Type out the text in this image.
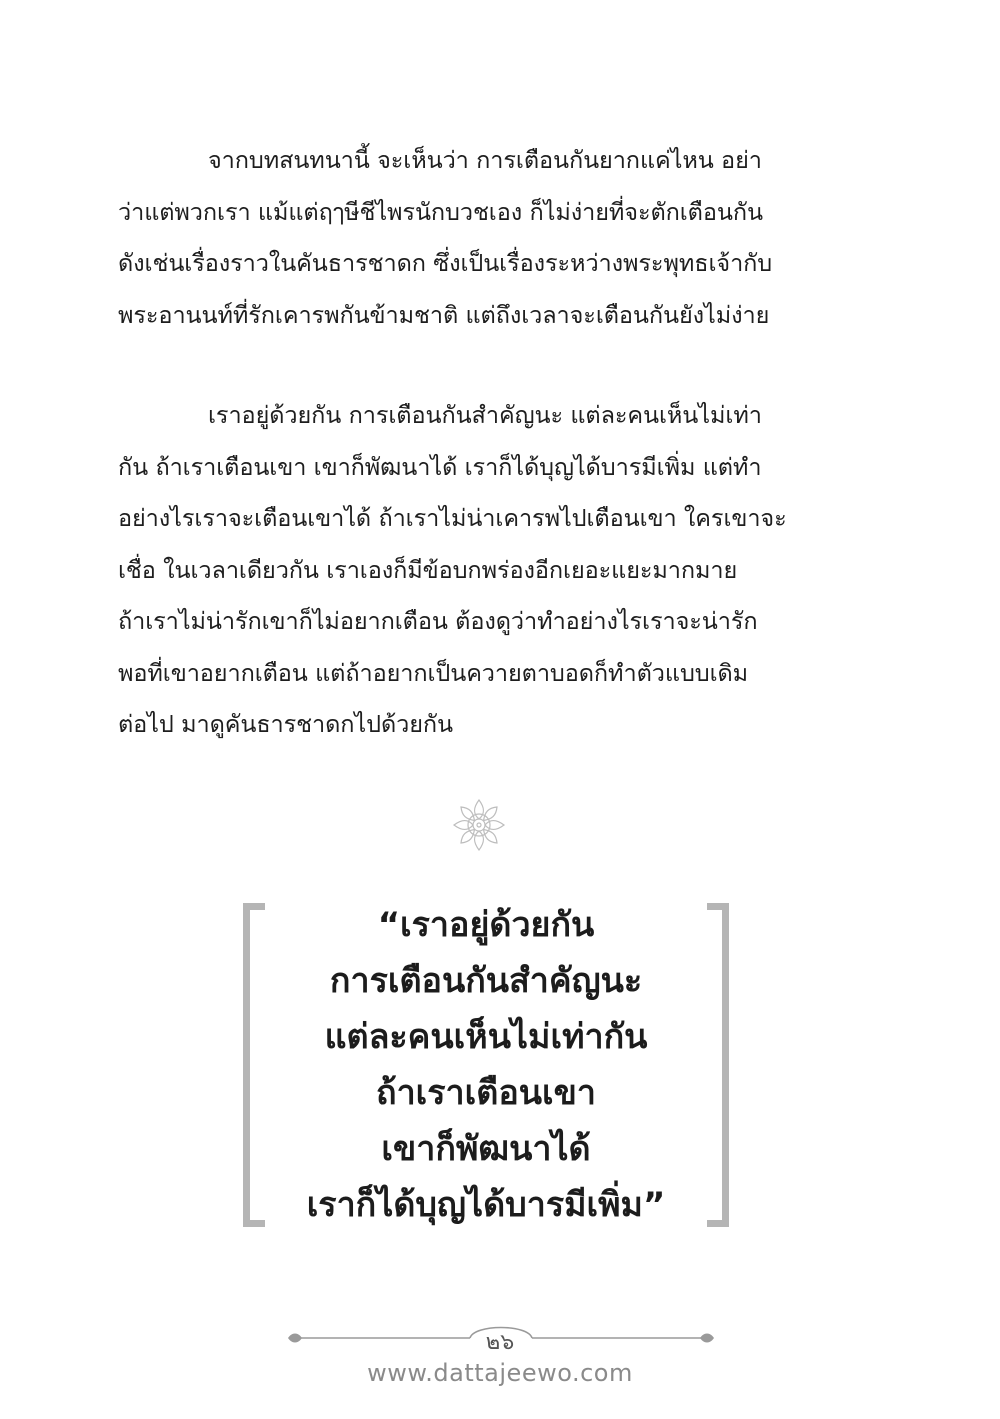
จากบทสนทนานี้ จะเห็นว่า การเตือนกันยากแค่ไหน อย่า
ว่าแต่พวกเรา แม้แต่ฤๅษีชีไพรนักบวชเอง ก็ไม่ง่ายที่จะตักเตือนกัน
ดังเช่นเรื่องราวในคันธารชาดก ซึ่งเป็นเรื่องระหว่างพระพุทธเจ้ากับ
พระอานนท์ที่รักเคารพกันข้ามชาติ แต่ถึงเวลาจะเตือนกันยังไม่ง่าย
เราอยู่ด้วยกัน การเตือนกันสำคัญนะ แต่ละคนเห็นไม่เท่า
กัน ถ้าเราเตือนเขา เขาก็พัฒนาได้ เราก็ได้บุญได้บารมีเพิ่ม แต่ทำ
อย่างไรเราจะเตือนเขาได้ ถ้าเราไม่น่าเคารพไปเตือนเขา ใครเขาจะ
เชื่อ ในเวลาเดียวกัน เราเองก็มีข้อบกพร่องอีกเยอะแยะมากมาย
ถ้าเราไม่น่ารักเขาก็ไม่อยากเตือน ต้องดูว่าทำอย่างไรเราจะน่ารัก
พอที่เขาอยากเตือน แต่ถ้าอยากเป็นควายตาบอดก็ทำตัวแบบเดิม
ต่อไป มาดูคันธารชาดกไปด้วยกัน
“เราอยู่ด้วยกัน
การเตือนกันสำคัญนะ
แต่ละคนเห็นไม่เท่ากัน
ถ้าเราเตือนเขา
เขาก็พัฒนาได้
เราก็ได้บุญได้บารมีเพิ่ม”
๒๖
www.dattajeewo.com
